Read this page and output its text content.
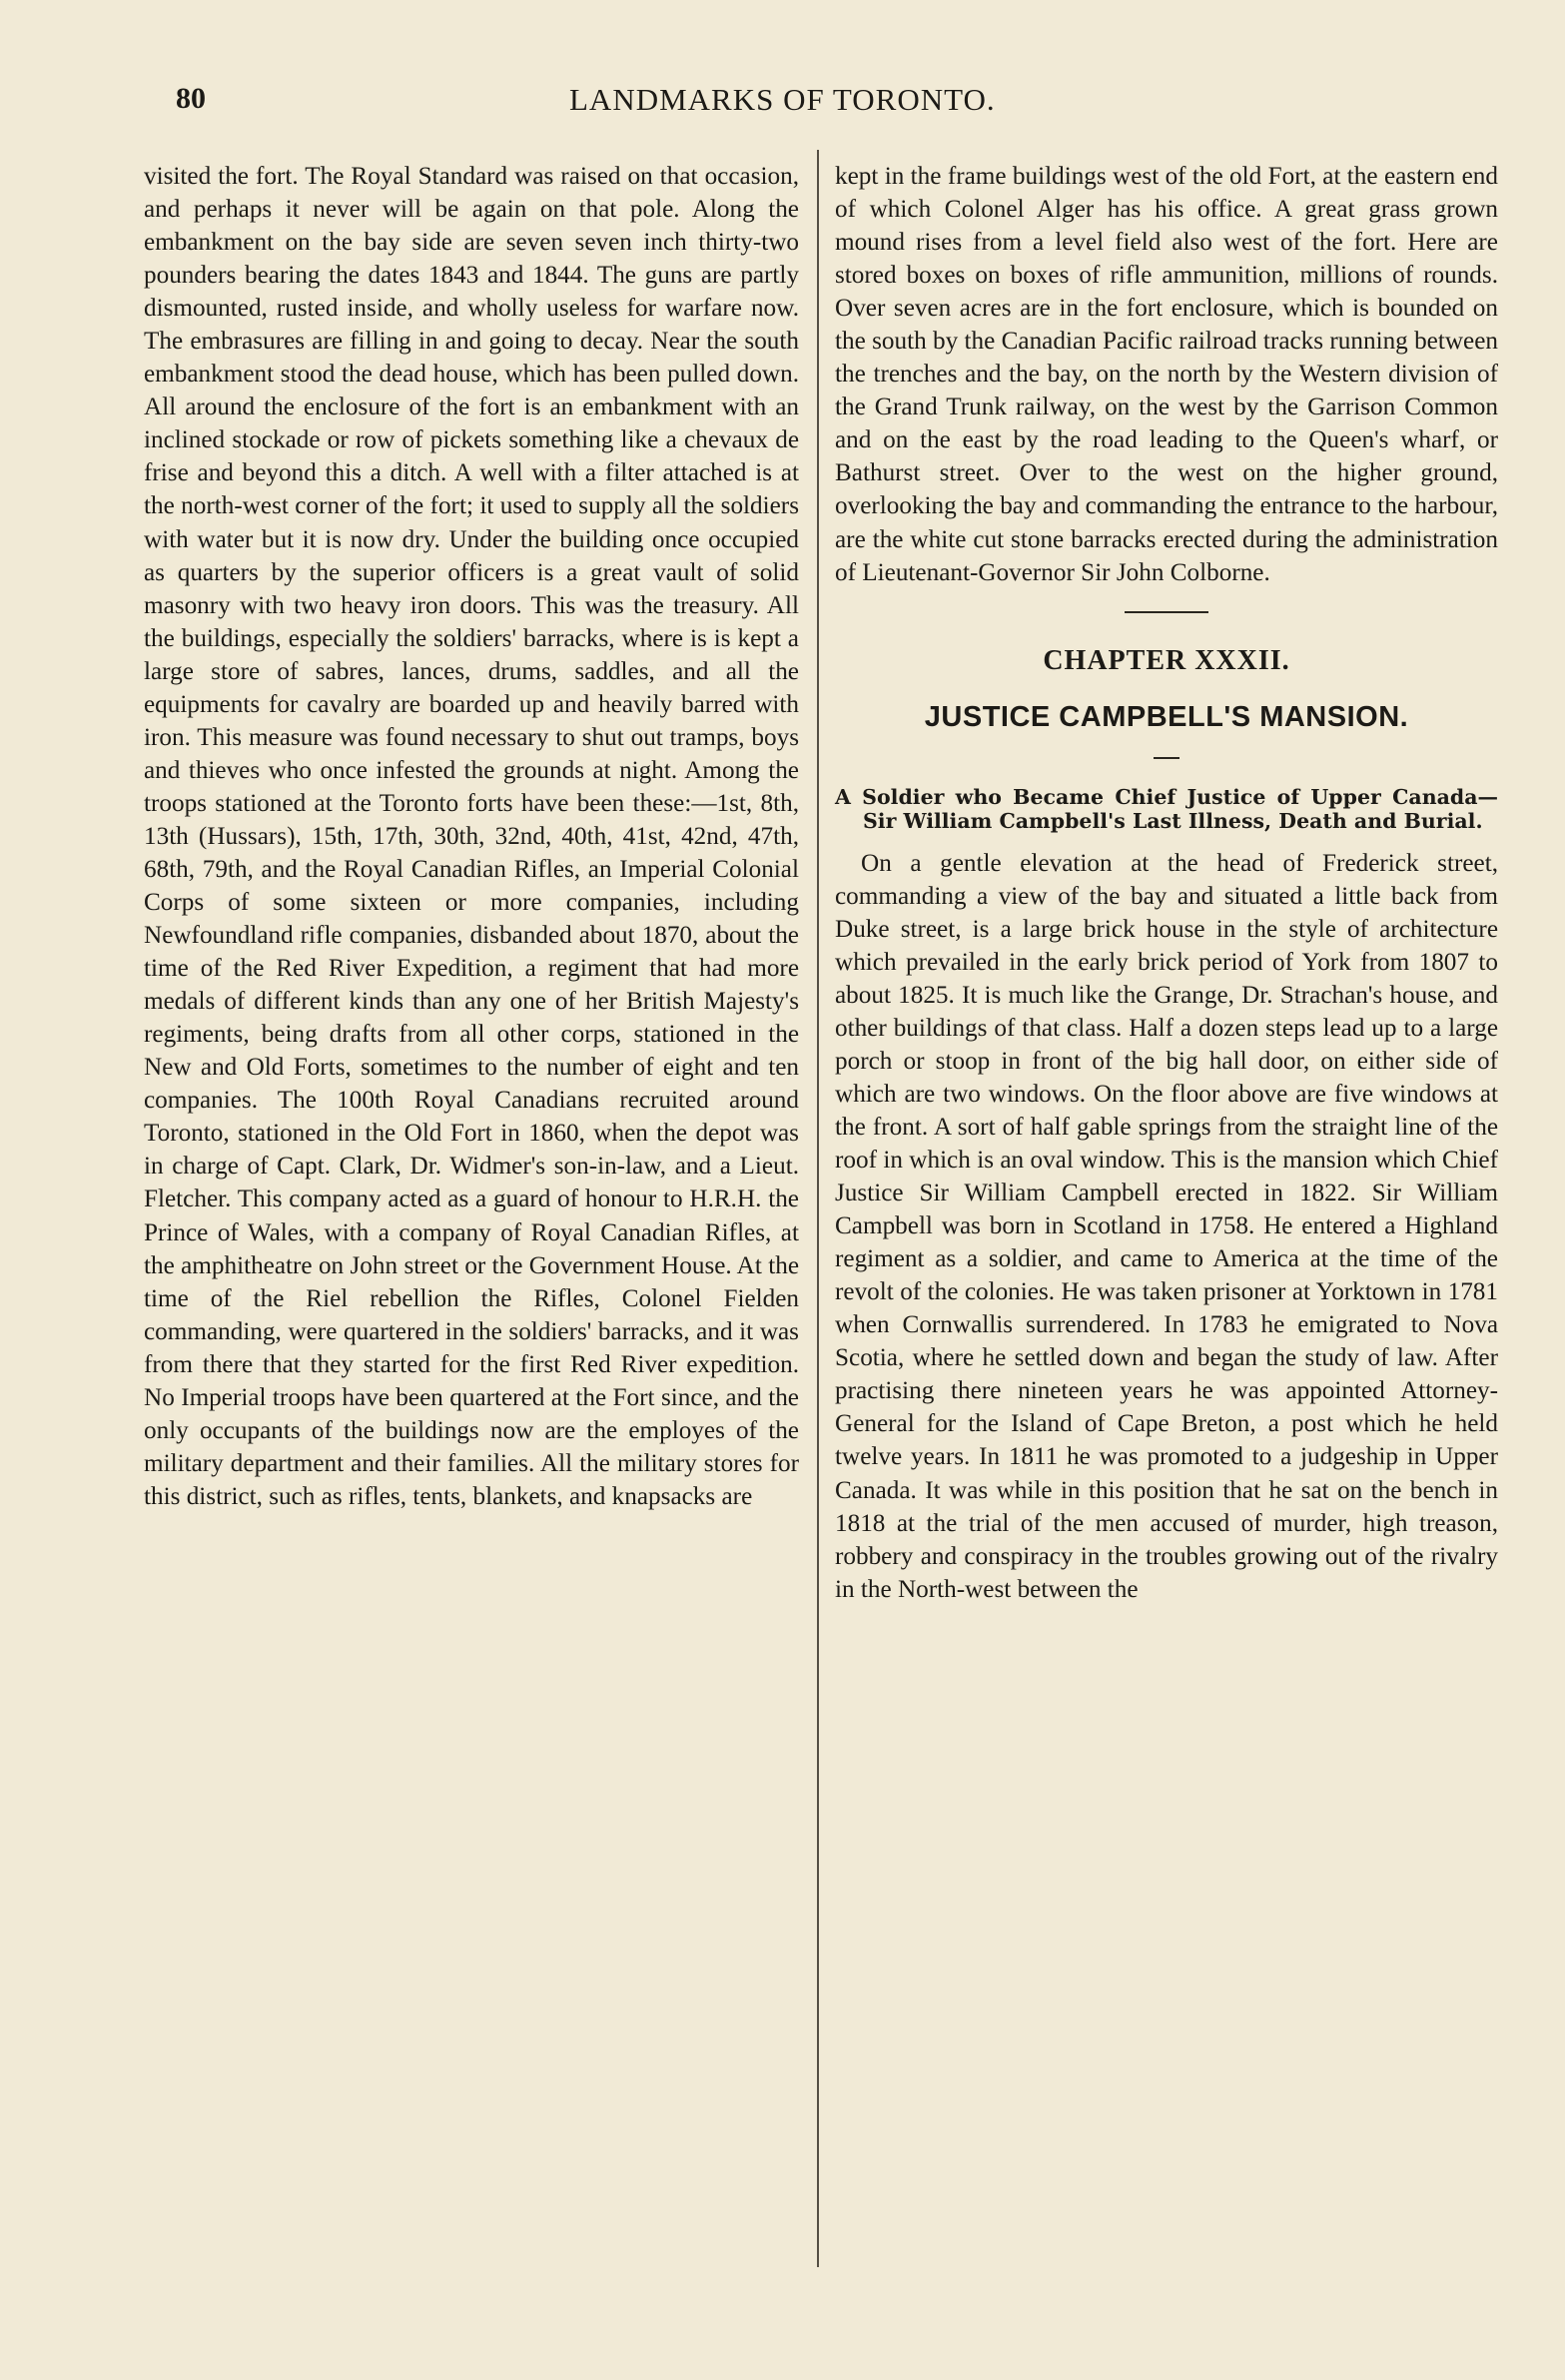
80	LANDMARKS OF TORONTO.

visited the fort. The Royal Standard was raised on that occasion, and perhaps it never will be again on that pole. Along the embankment on the bay side are seven seven inch thirty-two pounders bearing the dates 1843 and 1844. The guns are partly dismounted, rusted inside, and wholly useless for warfare now. The embrasures are filling in and going to decay. Near the south embankment stood the dead house, which has been pulled down. All around the enclosure of the fort is an embankment with an inclined stockade or row of pickets something like a chevaux de frise and beyond this a ditch. A well with a filter attached is at the north-west corner of the fort; it used to supply all the soldiers with water but it is now dry. Under the building once occupied as quarters by the superior officers is a great vault of solid masonry with two heavy iron doors. This was the treasury. All the buildings, especially the soldiers' barracks, where is is kept a large store of sabres, lances, drums, saddles, and all the equipments for cavalry are boarded up and heavily barred with iron. This measure was found necessary to shut out tramps, boys and thieves who once infested the grounds at night. Among the troops stationed at the Toronto forts have been these:—1st, 8th, 13th (Hussars), 15th, 17th, 30th, 32nd, 40th, 41st, 42nd, 47th, 68th, 79th, and the Royal Canadian Rifles, an Imperial Colonial Corps of some sixteen or more companies, including Newfoundland rifle companies, disbanded about 1870, about the time of the Red River Expedition, a regiment that had more medals of different kinds than any one of her British Majesty's regiments, being drafts from all other corps, stationed in the New and Old Forts, sometimes to the number of eight and ten companies. The 100th Royal Canadians recruited around Toronto, stationed in the Old Fort in 1860, when the depot was in charge of Capt. Clark, Dr. Widmer's son-in-law, and a Lieut. Fletcher. This company acted as a guard of honour to H.R.H. the Prince of Wales, with a company of Royal Canadian Rifles, at the amphitheatre on John street or the Government House. At the time of the Riel rebellion the Rifles, Colonel Fielden commanding, were quartered in the soldiers' barracks, and it was from there that they started for the first Red River expedition. No Imperial troops have been quartered at the Fort since, and the only occupants of the buildings now are the employes of the military department and their families. All the military stores for this district, such as rifles, tents, blankets, and knapsacks are

kept in the frame buildings west of the old Fort, at the eastern end of which Colonel Alger has his office. A great grass grown mound rises from a level field also west of the fort. Here are stored boxes on boxes of rifle ammunition, millions of rounds. Over seven acres are in the fort enclosure, which is bounded on the south by the Canadian Pacific railroad tracks running between the trenches and the bay, on the north by the Western division of the Grand Trunk railway, on the west by the Garrison Common and on the east by the road leading to the Queen's wharf, or Bathurst street. Over to the west on the higher ground, overlooking the bay and commanding the entrance to the harbour, are the white cut stone barracks erected during the administration of Lieutenant-Governor Sir John Colborne.

CHAPTER XXXII.
JUSTICE CAMPBELL'S MANSION.

A Soldier who Became Chief Justice of Upper Canada—Sir William Campbell's Last Illness, Death and Burial.

On a gentle elevation at the head of Frederick street, commanding a view of the bay and situated a little back from Duke street, is a large brick house in the style of architecture which prevailed in the early brick period of York from 1807 to about 1825. It is much like the Grange, Dr. Strachan's house, and other buildings of that class. Half a dozen steps lead up to a large porch or stoop in front of the big hall door, on either side of which are two windows. On the floor above are five windows at the front. A sort of half gable springs from the straight line of the roof in which is an oval window. This is the mansion which Chief Justice Sir William Campbell erected in 1822. Sir William Campbell was born in Scotland in 1758. He entered a Highland regiment as a soldier, and came to America at the time of the revolt of the colonies. He was taken prisoner at Yorktown in 1781 when Cornwallis surrendered. In 1783 he emigrated to Nova Scotia, where he settled down and began the study of law. After practising there nineteen years he was appointed Attorney-General for the Island of Cape Breton, a post which he held twelve years. In 1811 he was promoted to a judgeship in Upper Canada. It was while in this position that he sat on the bench in 1818 at the trial of the men accused of murder, high treason, robbery and conspiracy in the troubles growing out of the rivalry in the North-west between the
